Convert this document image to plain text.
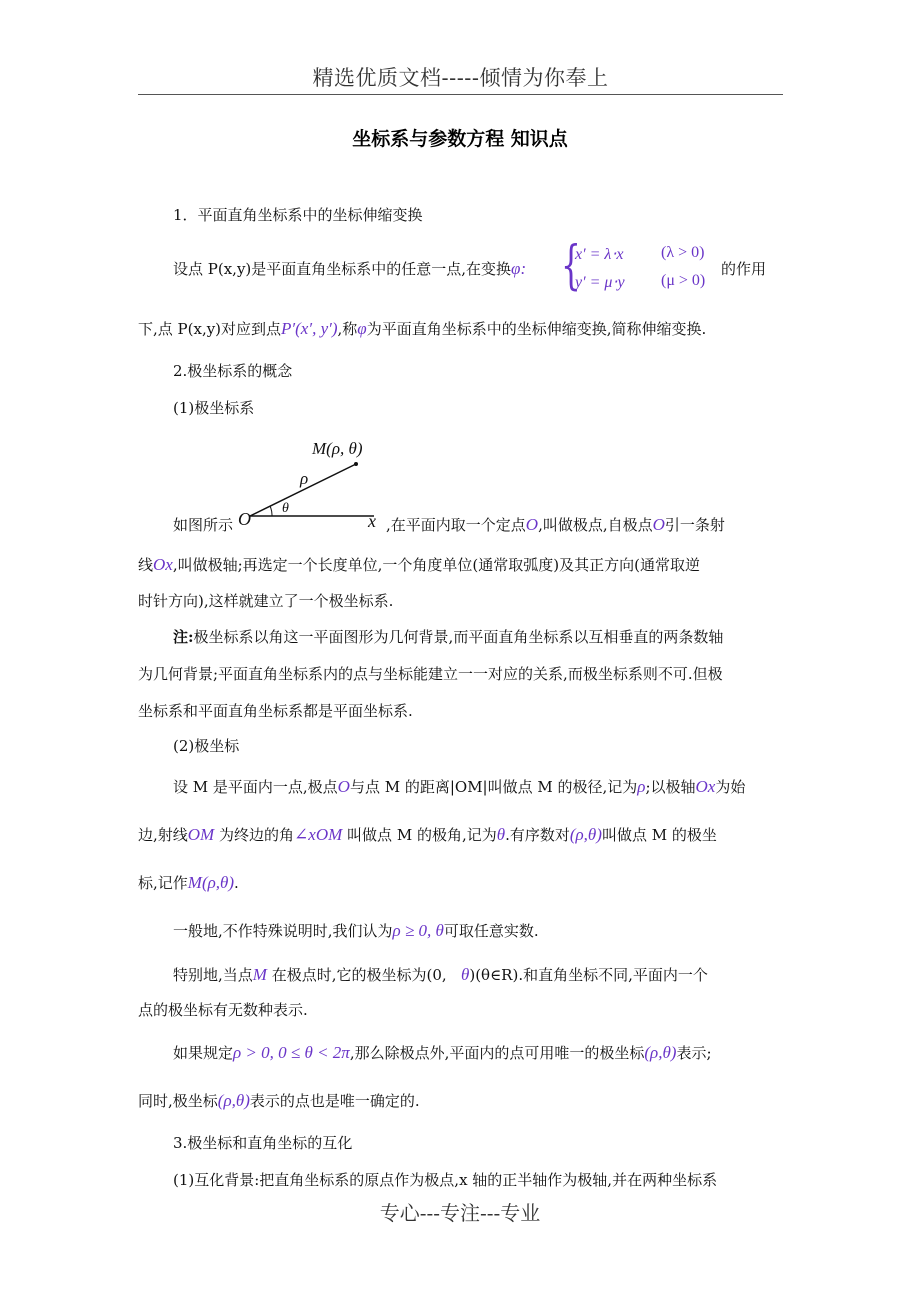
精选优质文档-----倾情为你奉上
坐标系与参数方程 知识点
1．平面直角坐标系中的坐标伸缩变换
设点 P(x,y)是平面直角坐标系中的任意一点,在变换φ: {
x′ = λ⋅x (λ > 0)
y′ = μ⋅y (μ > 0)
的作用
下,点 P(x,y)对应到点P′(x′, y′),称φ为平面直角坐标系中的坐标伸缩变换,简称伸缩变换.
2.极坐标系的概念
(1)极坐标系
M(ρ, θ)
ρ
θ
O	x
如图所示	,在平面内取一个定点O,叫做极点,自极点O引一条射
线Ox,叫做极轴;再选定一个长度单位,一个角度单位(通常取弧度)及其正方向(通常取逆
时针方向),这样就建立了一个极坐标系.
注:极坐标系以角这一平面图形为几何背景,而平面直角坐标系以互相垂直的两条数轴
为几何背景;平面直角坐标系内的点与坐标能建立一一对应的关系,而极坐标系则不可.但极
坐标系和平面直角坐标系都是平面坐标系.
(2)极坐标
设 M 是平面内一点,极点O与点 M 的距离|OM|叫做点 M 的极径,记为ρ;以极轴Ox为始
边,射线OM 为终边的角∠xOM 叫做点 M 的极角,记为θ.有序数对(ρ,θ)叫做点 M 的极坐
标,记作M(ρ,θ).
一般地,不作特殊说明时,我们认为ρ ≥ 0, θ可取任意实数.
特别地,当点M 在极点时,它的极坐标为(0, θ)(θ∈R).和直角坐标不同,平面内一个
点的极坐标有无数种表示.
如果规定ρ > 0, 0 ≤ θ < 2π,那么除极点外,平面内的点可用唯一的极坐标(ρ,θ)表示;
同时,极坐标(ρ,θ)表示的点也是唯一确定的.
3.极坐标和直角坐标的互化
(1)互化背景:把直角坐标系的原点作为极点,x 轴的正半轴作为极轴,并在两种坐标系
专心---专注---专业
